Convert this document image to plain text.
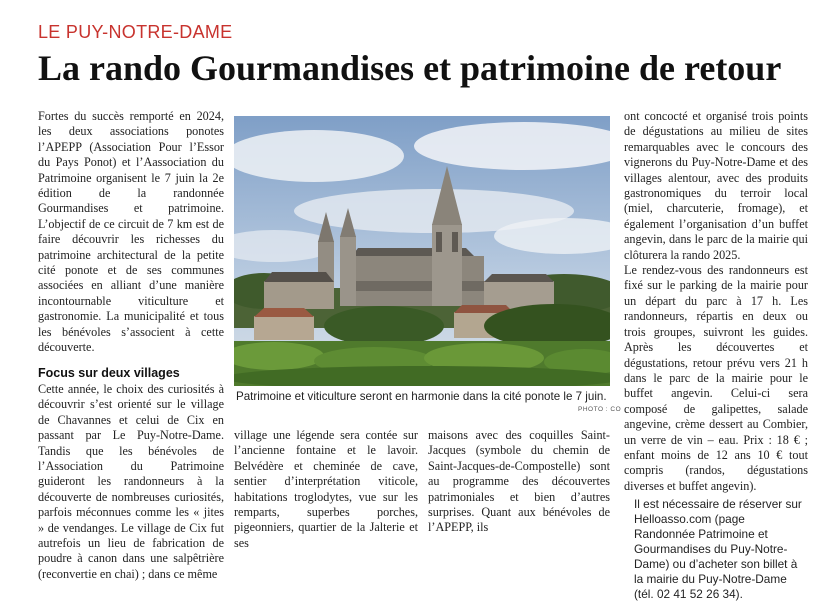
LE PUY-NOTRE-DAME
La rando Gourmandises et patrimoine de retour

Fortes du succès remporté en 2024, les deux associations ponotes l’APEPP (Association Pour l’Essor du Pays Ponot) et l’Aassociation du Patrimoine organisent le 7 juin la 2e édition de la randonnée Gourmandises et patrimoine. L’objectif de ce circuit de 7 km est de faire découvrir les richesses du patrimoine architectural de la petite cité ponote et de ses communes associées en alliant d’une manière incontournable viticulture et gastronomie. La municipalité et tous les bénévoles s’associent à cette découverte.

Focus sur deux villages

Cette année, le choix des curiosités à découvrir s’est orienté sur le village de Chavannes et celui de Cix en passant par Le Puy-Notre-Dame. Tandis que les bénévoles de l’Association du Patrimoine guideront les randonneurs à la découverte de nombreuses curiosités, parfois méconnues comme les « jites » de vendanges. Le village de Cix fut autrefois un lieu de fabrication de poudre à canon dans une salpêtrière (reconvertie en chai) ; dans ce même

Patrimoine et viticulture seront en harmonie dans la cité ponote le 7 juin.
PHOTO : CO

village une légende sera contée sur l’ancienne fontaine et le lavoir. Belvédère et cheminée de cave, sentier d’interprétation viticole, habitations troglodytes, vue sur les remparts, superbes porches, pigeonniers, quartier de la Jalterie et ses

maisons avec des coquilles Saint-Jacques (symbole du chemin de Saint-Jacques-de-Compostelle) sont au programme des découvertes patrimoniales et bien d’autres surprises. Quant aux bénévoles de l’APEPP, ils

ont concocté et organisé trois points de dégustations au milieu de sites remarquables avec le concours des vignerons du Puy-Notre-Dame et des villages alentour, avec des produits gastronomiques du terroir local (miel, charcuterie, fromage), et également l’organisation d’un buffet angevin, dans le parc de la mairie qui clôturera la rando 2025.

Le rendez-vous des randonneurs est fixé sur le parking de la mairie pour un départ du parc à 17 h. Les randonneurs, répartis en deux ou trois groupes, suivront les guides. Après les découvertes et dégustations, retour prévu vers 21 h dans le parc de la mairie pour le buffet angevin. Celui-ci sera composé de galipettes, salade angevine, crème dessert au Combier, un verre de vin – eau. Prix : 18 € ; enfant moins de 12 ans 10 € tout compris (randos, dégustations diverses et buffet angevin).

Il est nécessaire de réserver sur Helloasso.com (page Randonnée Patrimoine et Gourmandises du Puy-Notre-Dame) ou d’acheter son billet à la mairie du Puy-Notre-Dame (tél. 02 41 52 26 34).
